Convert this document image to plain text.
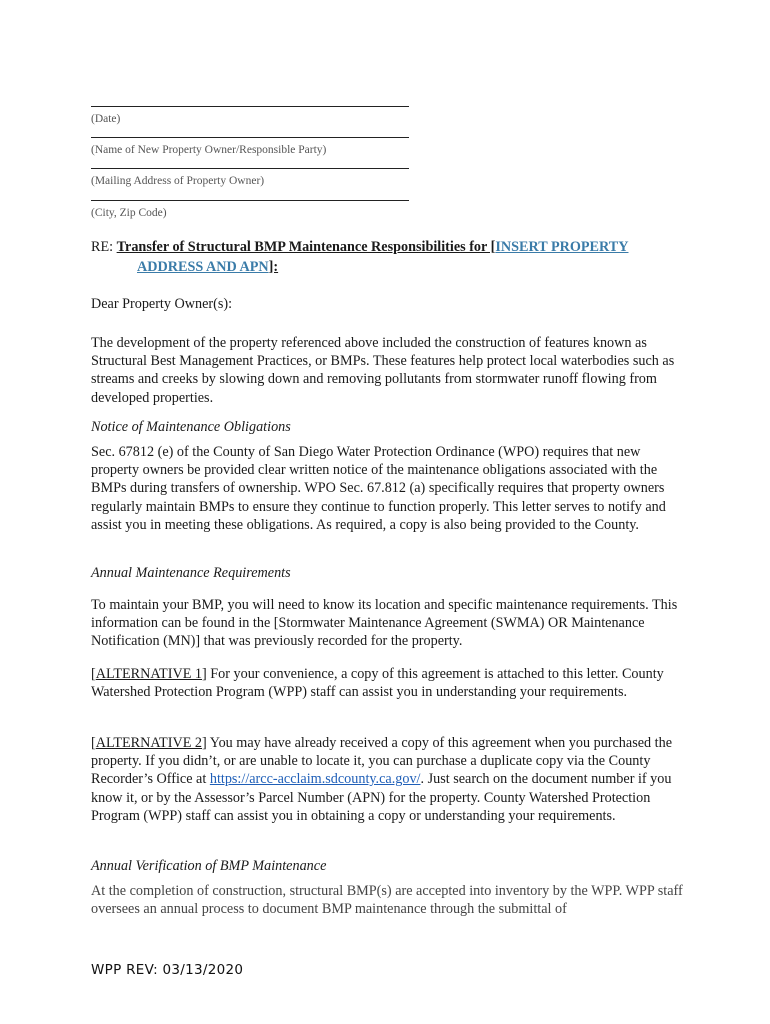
(Date)
(Name of New Property Owner/Responsible Party)
(Mailing Address of Property Owner)
(City, Zip Code)
RE: Transfer of Structural BMP Maintenance Responsibilities for [INSERT PROPERTY
ADDRESS AND APN]:
Dear Property Owner(s):
The development of the property referenced above included the construction of features known as Structural Best Management Practices, or BMPs. These features help protect local waterbodies such as streams and creeks by slowing down and removing pollutants from stormwater runoff flowing from developed properties.
Notice of Maintenance Obligations
Sec. 67812 (e) of the County of San Diego Water Protection Ordinance (WPO) requires that new property owners be provided clear written notice of the maintenance obligations associated with the BMPs during transfers of ownership. WPO Sec. 67.812 (a) specifically requires that property owners regularly maintain BMPs to ensure they continue to function properly. This letter serves to notify and assist you in meeting these obligations. As required, a copy is also being provided to the County.
Annual Maintenance Requirements
To maintain your BMP, you will need to know its location and specific maintenance requirements. This information can be found in the [Stormwater Maintenance Agreement (SWMA) OR Maintenance Notification (MN)] that was previously recorded for the property.
[ALTERNATIVE 1] For your convenience, a copy of this agreement is attached to this letter. County Watershed Protection Program (WPP) staff can assist you in understanding your requirements.
[ALTERNATIVE 2] You may have already received a copy of this agreement when you purchased the property. If you didn’t, or are unable to locate it, you can purchase a duplicate copy via the County Recorder’s Office at https://arcc-acclaim.sdcounty.ca.gov/. Just search on the document number if you know it, or by the Assessor’s Parcel Number (APN) for the property. County Watershed Protection Program (WPP) staff can assist you in obtaining a copy or understanding your requirements.
Annual Verification of BMP Maintenance
At the completion of construction, structural BMP(s) are accepted into inventory by the WPP. WPP staff oversees an annual process to document BMP maintenance through the submittal of
WPP REV: 03/13/2020
